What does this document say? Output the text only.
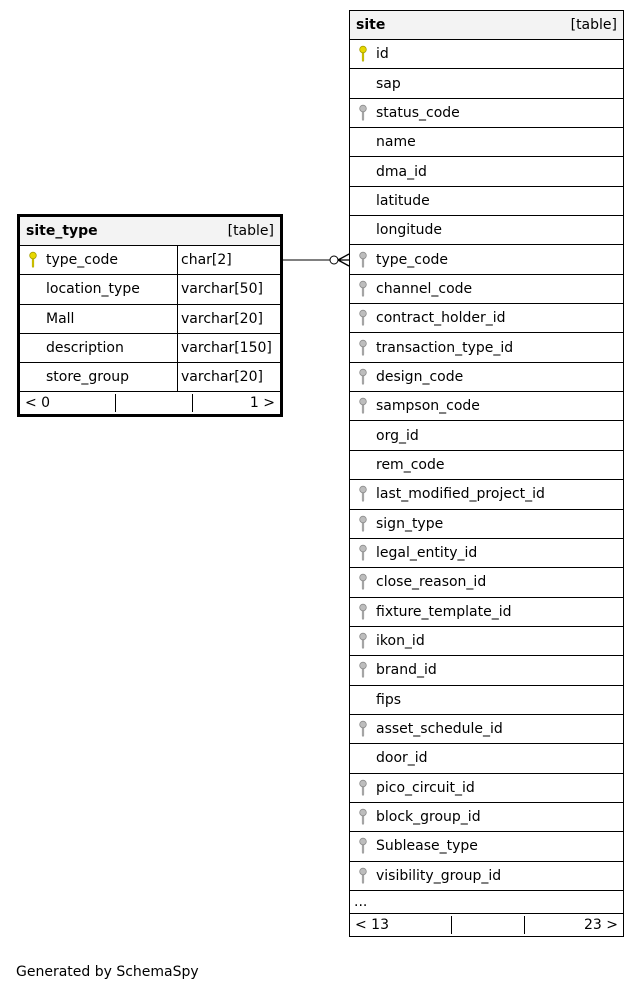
site_type	[table]
type_code	char[2]
location_type	varchar[50]
Mall	varchar[20]
description	varchar[150]
store_group	varchar[20]
< 0	1 >
site	[table]
id
sap
status_code
name
dma_id
latitude
longitude
type_code
channel_code
contract_holder_id
transaction_type_id
design_code
sampson_code
org_id
rem_code
last_modified_project_id
sign_type
legal_entity_id
close_reason_id
fixture_template_id
ikon_id
brand_id
fips
asset_schedule_id
door_id
pico_circuit_id
block_group_id
Sublease_type
visibility_group_id
...
< 13	23 >
Generated by SchemaSpy
